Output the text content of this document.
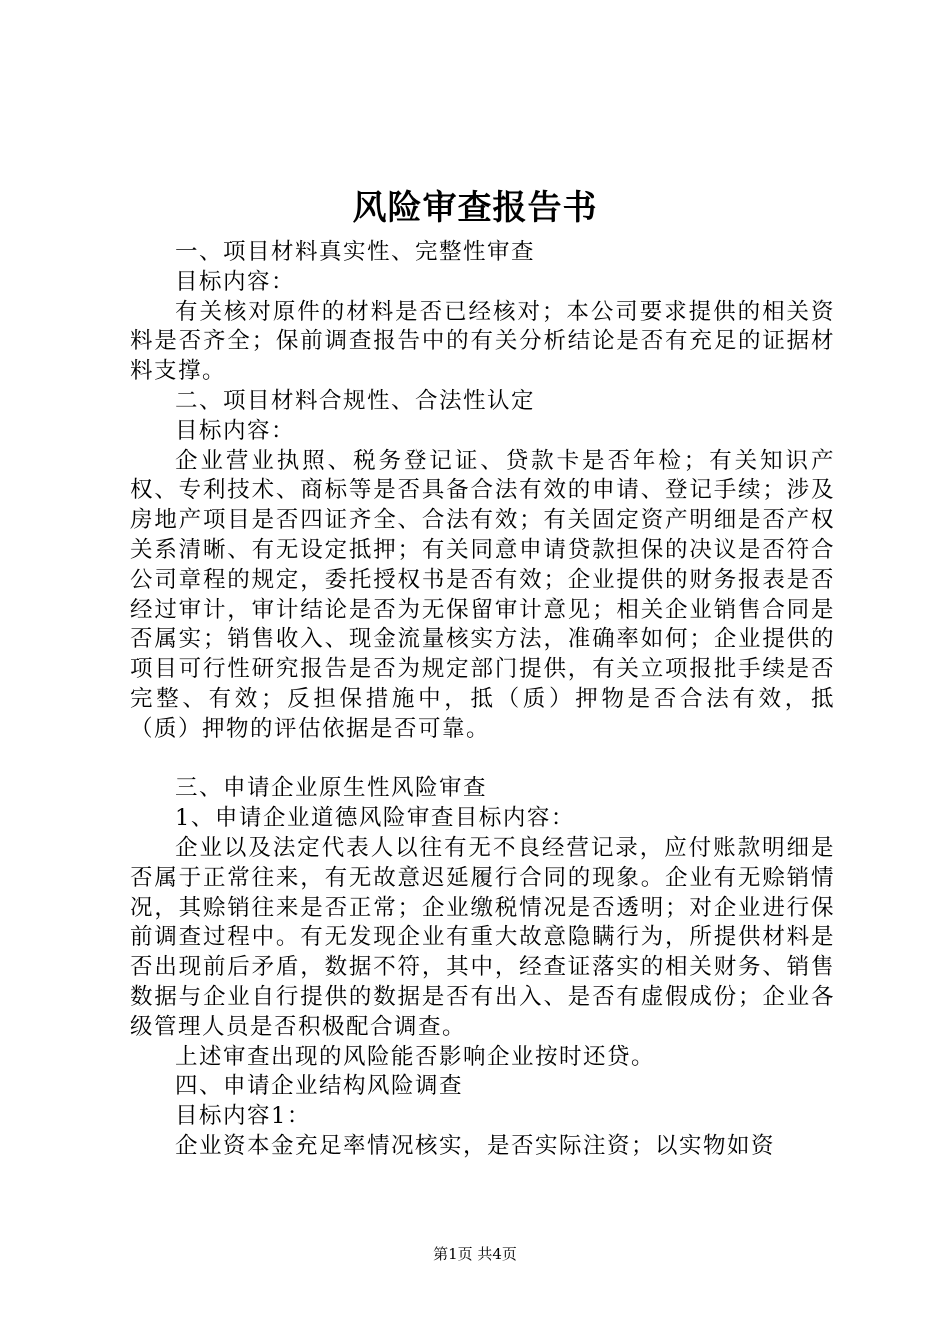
风险审查报告书

一、项目材料真实性、完整性审查

目标内容：

有关核对原件的材料是否已经核对；本公司要求提供的相关资料是否齐全；保前调查报告中的有关分析结论是否有充足的证据材料支撑。

二、项目材料合规性、合法性认定

目标内容：

企业营业执照、税务登记证、贷款卡是否年检；有关知识产权、专利技术、商标等是否具备合法有效的申请、登记手续；涉及房地产项目是否四证齐全、合法有效；有关固定资产明细是否产权关系清晰、有无设定抵押；有关同意申请贷款担保的决议是否符合公司章程的规定，委托授权书是否有效；企业提供的财务报表是否经过审计，审计结论是否为无保留审计意见；相关企业销售合同是否属实；销售收入、现金流量核实方法，准确率如何；企业提供的项目可行性研究报告是否为规定部门提供，有关立项报批手续是否完整、有效；反担保措施中，抵（质）押物是否合法有效，抵（质）押物的评估依据是否可靠。

三、申请企业原生性风险审查

1、申请企业道德风险审查目标内容：

企业以及法定代表人以往有无不良经营记录，应付账款明细是否属于正常往来，有无故意迟延履行合同的现象。企业有无赊销情况，其赊销往来是否正常；企业缴税情况是否透明；对企业进行保前调查过程中。有无发现企业有重大故意隐瞒行为，所提供材料是否出现前后矛盾，数据不符，其中，经查证落实的相关财务、销售数据与企业自行提供的数据是否有出入、是否有虚假成份；企业各级管理人员是否积极配合调查。

上述审查出现的风险能否影响企业按时还贷。

四、申请企业结构风险调查

目标内容1：

企业资本金充足率情况核实，是否实际注资；以实物如资

第1页 共4页
